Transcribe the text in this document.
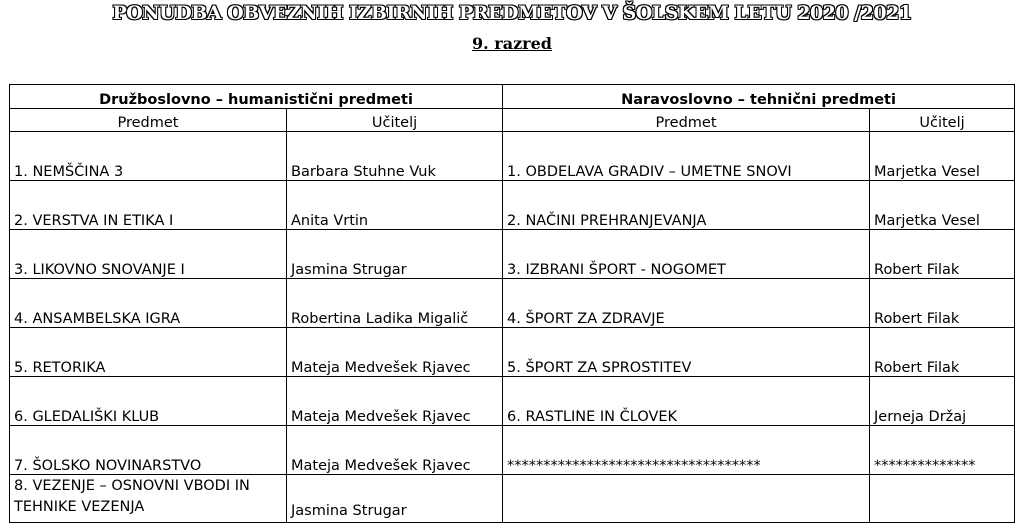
PONUDBA OBVEZNIH IZBIRNIH PREDMETOV V ŠOLSKEM LETU 2020 /2021
9. razred
Družboslovno – humanistični predmeti		Naravoslovno – tehnični predmeti	
Predmet	Učitelj	Predmet	Učitelj
1. NEMŠČINA 3	Barbara Stuhne Vuk	1. OBDELAVA GRADIV – UMETNE SNOVI	Marjetka Vesel
2. VERSTVA IN ETIKA I	Anita Vrtin	2. NAČINI PREHRANJEVANJA	Marjetka Vesel
3. LIKOVNO SNOVANJE I	Jasmina Strugar	3. IZBRANI ŠPORT - NOGOMET	Robert Filak
4. ANSAMBELSKA IGRA	Robertina Ladika Migalič	4. ŠPORT ZA ZDRAVJE	Robert Filak
5. RETORIKA	Mateja Medvešek Rjavec	5. ŠPORT ZA SPROSTITEV	Robert Filak
6. GLEDALIŠKI KLUB	Mateja Medvešek Rjavec	6. RASTLINE IN ČLOVEK	Jerneja Držaj
7. ŠOLSKO NOVINARSTVO	Mateja Medvešek Rjavec	***********************************	**************
8. VEZENJE – OSNOVNI VBODI IN TEHNIKE VEZENJA	Jasmina Strugar		
